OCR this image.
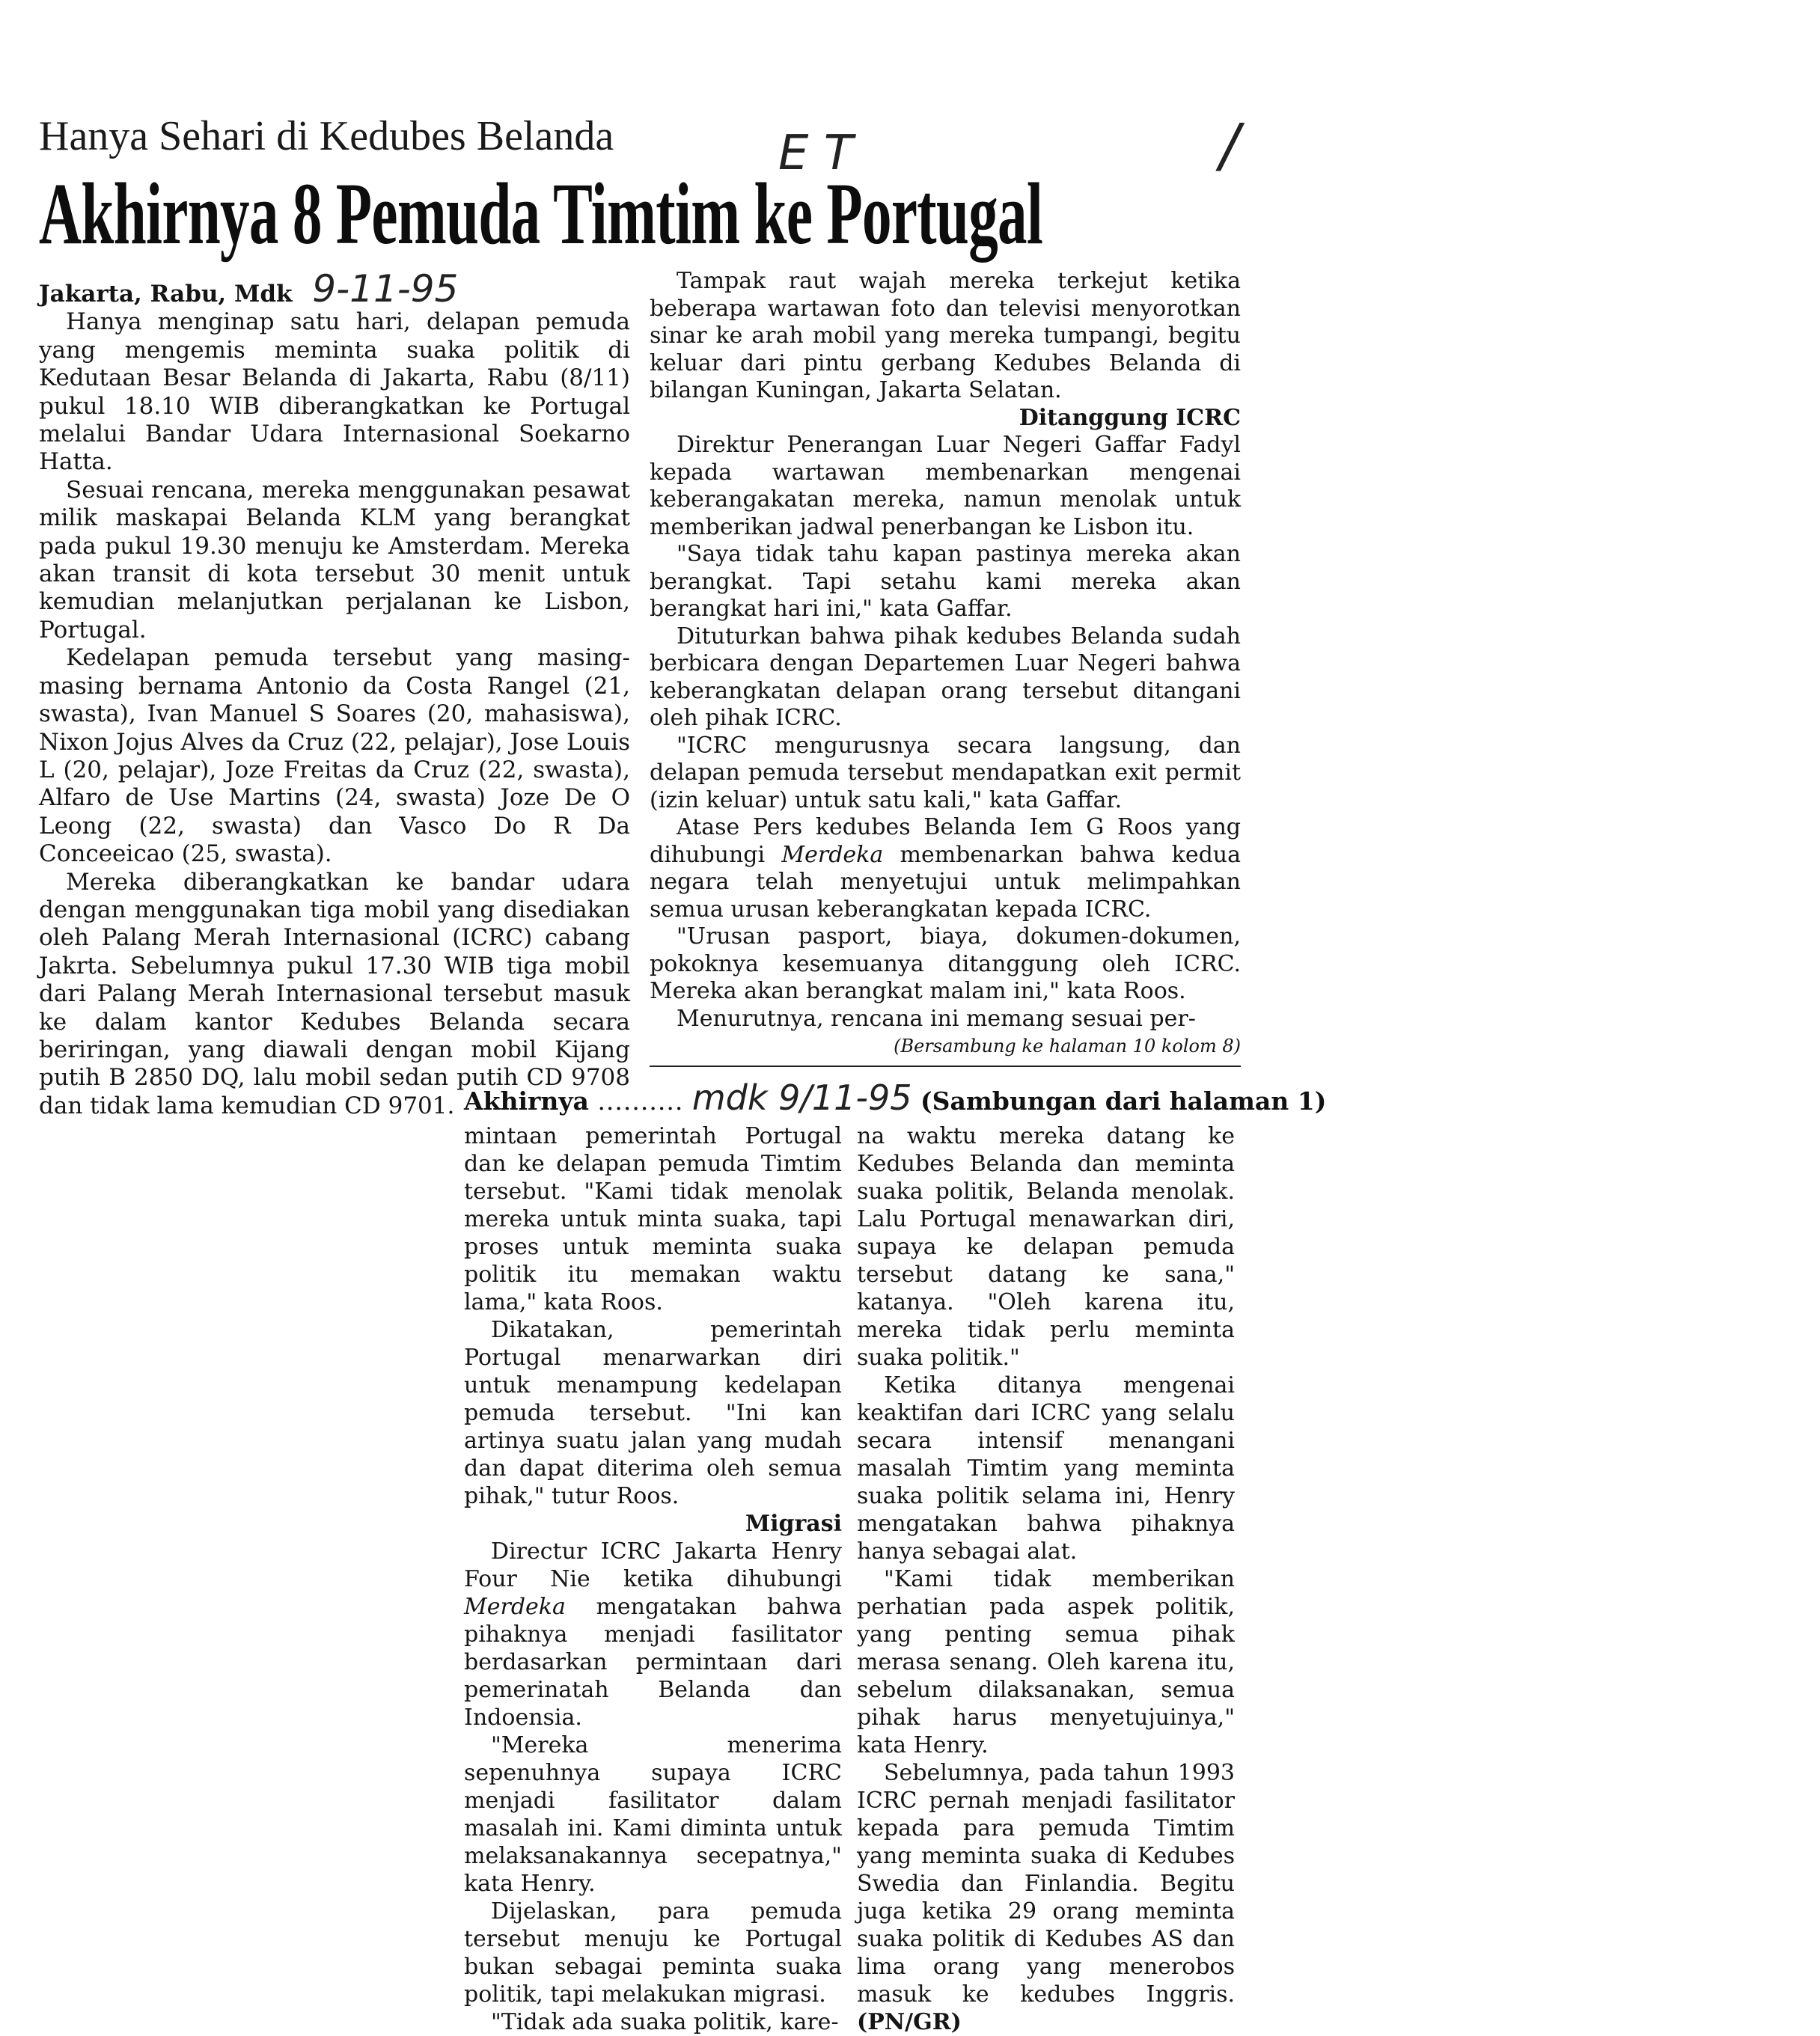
Hanya Sehari di Kedubes Belanda
Akhirnya 8 Pemuda Timtim ke Portugal
E T	/

Jakarta, Rabu, Mdk 9-11-95

Hanya menginap satu hari, delapan pemuda yang mengemis meminta suaka politik di Kedutaan Besar Belanda di Jakarta, Rabu (8/11) pukul 18.10 WIB diberangkatkan ke Portugal melalui Bandar Udara Internasional Soekarno Hatta.

Sesuai rencana, mereka menggunakan pesawat milik maskapai Belanda KLM yang berangkat pada pukul 19.30 menuju ke Amsterdam. Mereka akan transit di kota tersebut 30 menit untuk kemudian melanjutkan perjalanan ke Lisbon, Portugal.

Kedelapan pemuda tersebut yang masing-masing bernama Antonio da Costa Rangel (21, swasta), Ivan Manuel S Soares (20, mahasiswa), Nixon Jojus Alves da Cruz (22, pelajar), Jose Louis L (20, pelajar), Joze Freitas da Cruz (22, swasta), Alfaro de Use Martins (24, swasta) Joze De O Leong (22, swasta) dan Vasco Do R Da Conceeicao (25, swasta).

Mereka diberangkatkan ke bandar udara dengan menggunakan tiga mobil yang disediakan oleh Palang Merah Internasional (ICRC) cabang Jakrta. Sebelumnya pukul 17.30 WIB tiga mobil dari Palang Merah Internasional tersebut masuk ke dalam kantor Kedubes Belanda secara beriringan, yang diawali dengan mobil Kijang putih B 2850 DQ, lalu mobil sedan putih CD 9708 dan tidak lama kemudian CD 9701.

Tampak raut wajah mereka terkejut ketika beberapa wartawan foto dan televisi menyorotkan sinar ke arah mobil yang mereka tumpangi, begitu keluar dari pintu gerbang Kedubes Belanda di bilangan Kuningan, Jakarta Selatan.

Ditanggung ICRC

Direktur Penerangan Luar Negeri Gaffar Fadyl kepada wartawan membenarkan mengenai keberangakatan mereka, namun menolak untuk memberikan jadwal penerbangan ke Lisbon itu.

"Saya tidak tahu kapan pastinya mereka akan berangkat. Tapi setahu kami mereka akan berangkat hari ini," kata Gaffar.

Dituturkan bahwa pihak kedubes Belanda sudah berbicara dengan Departemen Luar Negeri bahwa keberangkatan delapan orang tersebut ditangani oleh pihak ICRC.

"ICRC mengurusnya secara langsung, dan delapan pemuda tersebut mendapatkan exit permit (izin keluar) untuk satu kali," kata Gaffar.

Atase Pers kedubes Belanda Iem G Roos yang dihubungi Merdeka membenarkan bahwa kedua negara telah menyetujui untuk melimpahkan semua urusan keberangkatan kepada ICRC.

"Urusan pasport, biaya, dokumen-dokumen, pokoknya kesemuanya ditanggung oleh ICRC. Mereka akan berangkat malam ini," kata Roos.

Menurutnya, rencana ini memang sesuai per-

(Bersambung ke halaman 10 kolom 8)
Akhirnya .......... mdk 9/11-95 (Sambungan dari halaman 1)

mintaan pemerintah Portugal dan ke delapan pemuda Timtim tersebut. "Kami tidak menolak mereka untuk minta suaka, tapi proses untuk meminta suaka politik itu memakan waktu lama," kata Roos.

Dikatakan, pemerintah Portugal menarwarkan diri untuk menampung kedelapan pemuda tersebut. "Ini kan artinya suatu jalan yang mudah dan dapat diterima oleh semua pihak," tutur Roos.

Migrasi

Directur ICRC Jakarta Henry Four Nie ketika dihubungi Merdeka mengatakan bahwa pihaknya menjadi fasilitator berdasarkan permintaan dari pemerinatah Belanda dan Indoensia.

"Mereka menerima sepenuhnya supaya ICRC menjadi fasilitator dalam masalah ini. Kami diminta untuk melaksanakannya secepatnya," kata Henry.

Dijelaskan, para pemuda tersebut menuju ke Portugal bukan sebagai peminta suaka politik, tapi melakukan migrasi.

"Tidak ada suaka politik, kare-

na waktu mereka datang ke Kedubes Belanda dan meminta suaka politik, Belanda menolak. Lalu Portugal menawarkan diri, supaya ke delapan pemuda tersebut datang ke sana," katanya. "Oleh karena itu, mereka tidak perlu meminta suaka politik."

Ketika ditanya mengenai keaktifan dari ICRC yang selalu secara intensif menangani masalah Timtim yang meminta suaka politik selama ini, Henry mengatakan bahwa pihaknya hanya sebagai alat.

"Kami tidak memberikan perhatian pada aspek politik, yang penting semua pihak merasa senang. Oleh karena itu, sebelum dilaksanakan, semua pihak harus menyetujuinya," kata Henry.

Sebelumnya, pada tahun 1993 ICRC pernah menjadi fasilitator kepada para pemuda Timtim yang meminta suaka di Kedubes Swedia dan Finlandia. Begitu juga ketika 29 orang meminta suaka politik di Kedubes AS dan lima orang yang menerobos masuk ke kedubes Inggris. (PN/GR)
